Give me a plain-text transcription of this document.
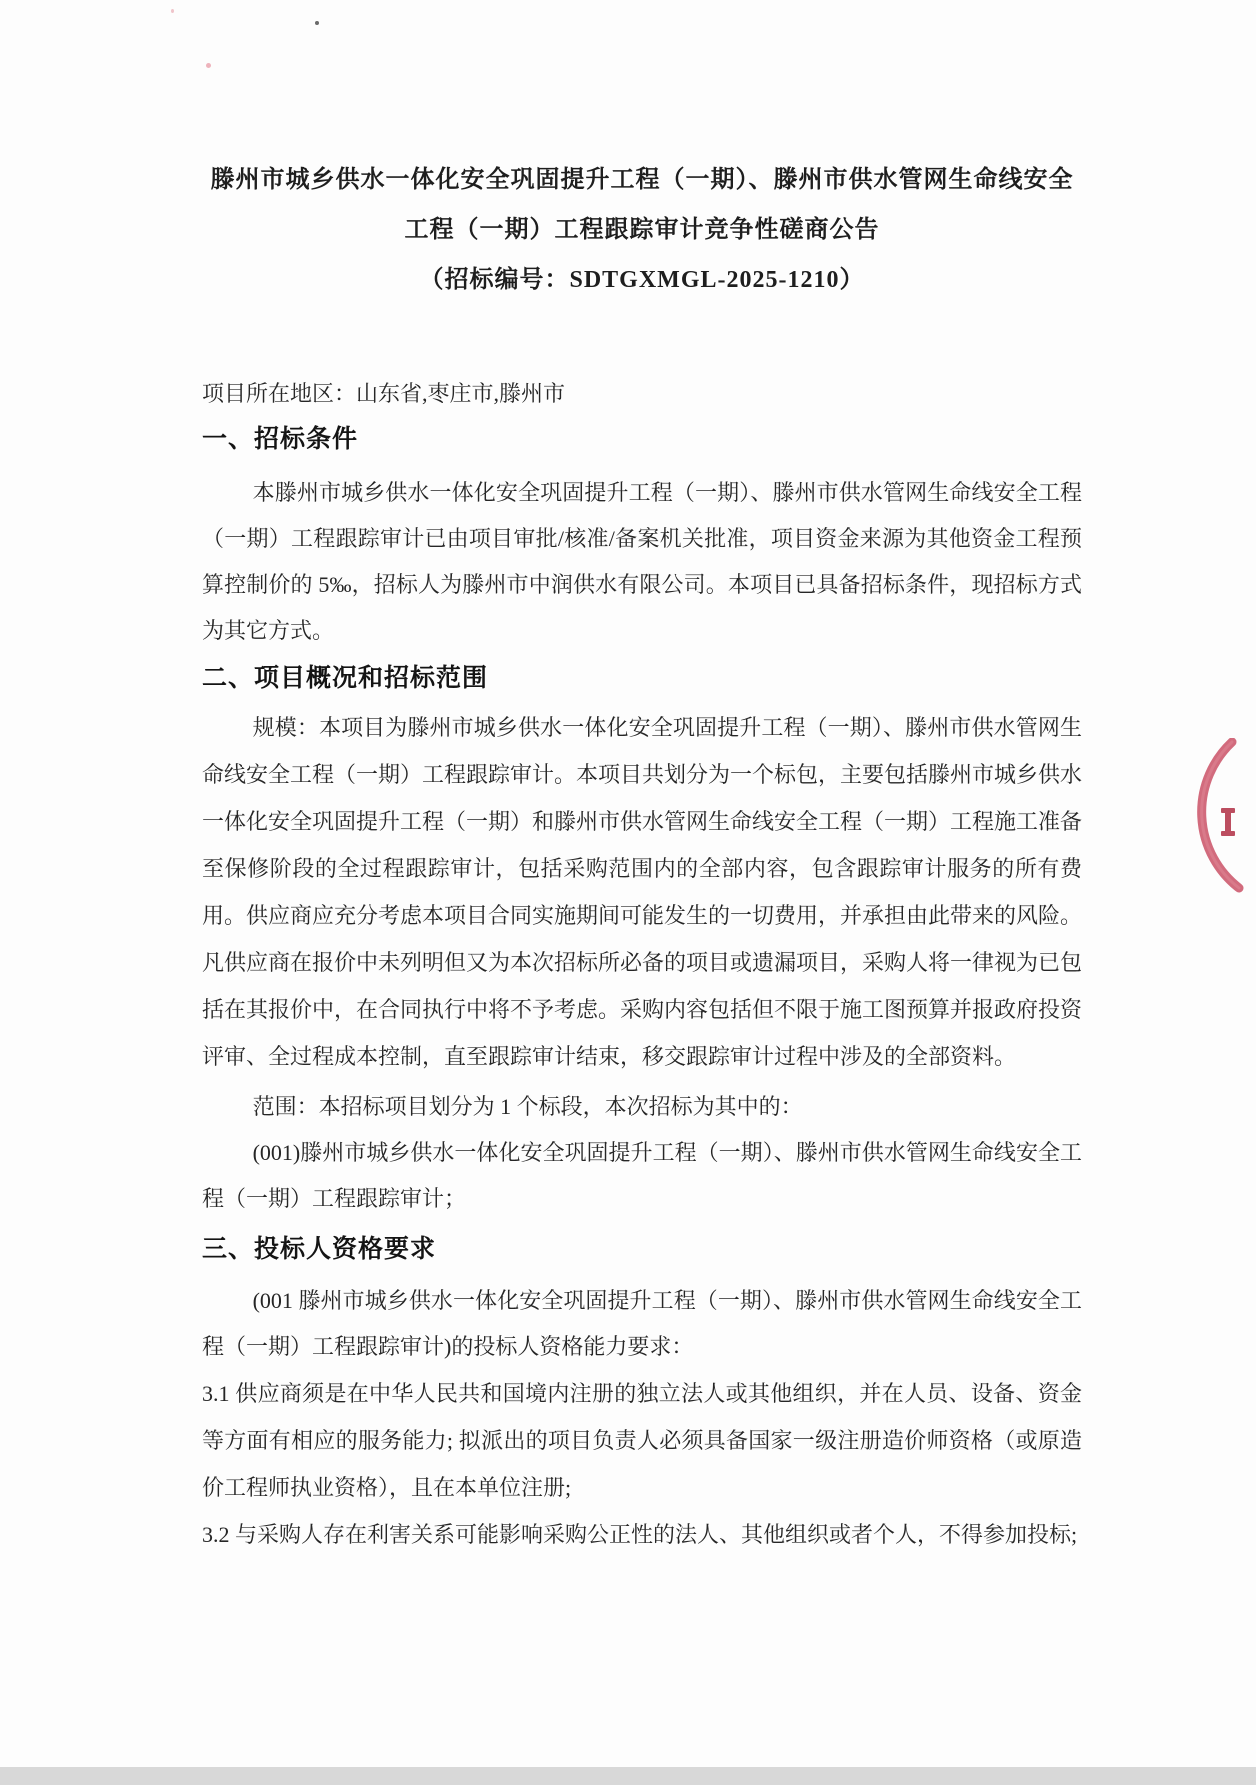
滕州市城乡供水一体化安全巩固提升工程（一期）、滕州市供水管网生命线安全
工程（一期）工程跟踪审计竞争性磋商公告
（招标编号：SDTGXMGL-2025-1210）
项目所在地区：山东省,枣庄市,滕州市
一、招标条件
本滕州市城乡供水一体化安全巩固提升工程（一期）、滕州市供水管网生命线安全工程（一期）工程跟踪审计已由项目审批/核准/备案机关批准，项目资金来源为其他资金工程预算控制价的 5‰，招标人为滕州市中润供水有限公司。本项目已具备招标条件，现招标方式为其它方式。
二、项目概况和招标范围
规模：本项目为滕州市城乡供水一体化安全巩固提升工程（一期）、滕州市供水管网生命线安全工程（一期）工程跟踪审计。本项目共划分为一个标包，主要包括滕州市城乡供水一体化安全巩固提升工程（一期）和滕州市供水管网生命线安全工程（一期）工程施工准备至保修阶段的全过程跟踪审计，包括采购范围内的全部内容，包含跟踪审计服务的所有费用。供应商应充分考虑本项目合同实施期间可能发生的一切费用，并承担由此带来的风险。凡供应商在报价中未列明但又为本次招标所必备的项目或遗漏项目，采购人将一律视为已包括在其报价中，在合同执行中将不予考虑。采购内容包括但不限于施工图预算并报政府投资评审、全过程成本控制，直至跟踪审计结束，移交跟踪审计过程中涉及的全部资料。
范围：本招标项目划分为 1 个标段，本次招标为其中的：
(001)滕州市城乡供水一体化安全巩固提升工程（一期）、滕州市供水管网生命线安全工程（一期）工程跟踪审计；
三、投标人资格要求
(001 滕州市城乡供水一体化安全巩固提升工程（一期）、滕州市供水管网生命线安全工程（一期）工程跟踪审计)的投标人资格能力要求：
3.1 供应商须是在中华人民共和国境内注册的独立法人或其他组织，并在人员、设备、资金等方面有相应的服务能力; 拟派出的项目负责人必须具备国家一级注册造价师资格（或原造价工程师执业资格），且在本单位注册;
3.2 与采购人存在利害关系可能影响采购公正性的法人、其他组织或者个人，不得参加投标;
